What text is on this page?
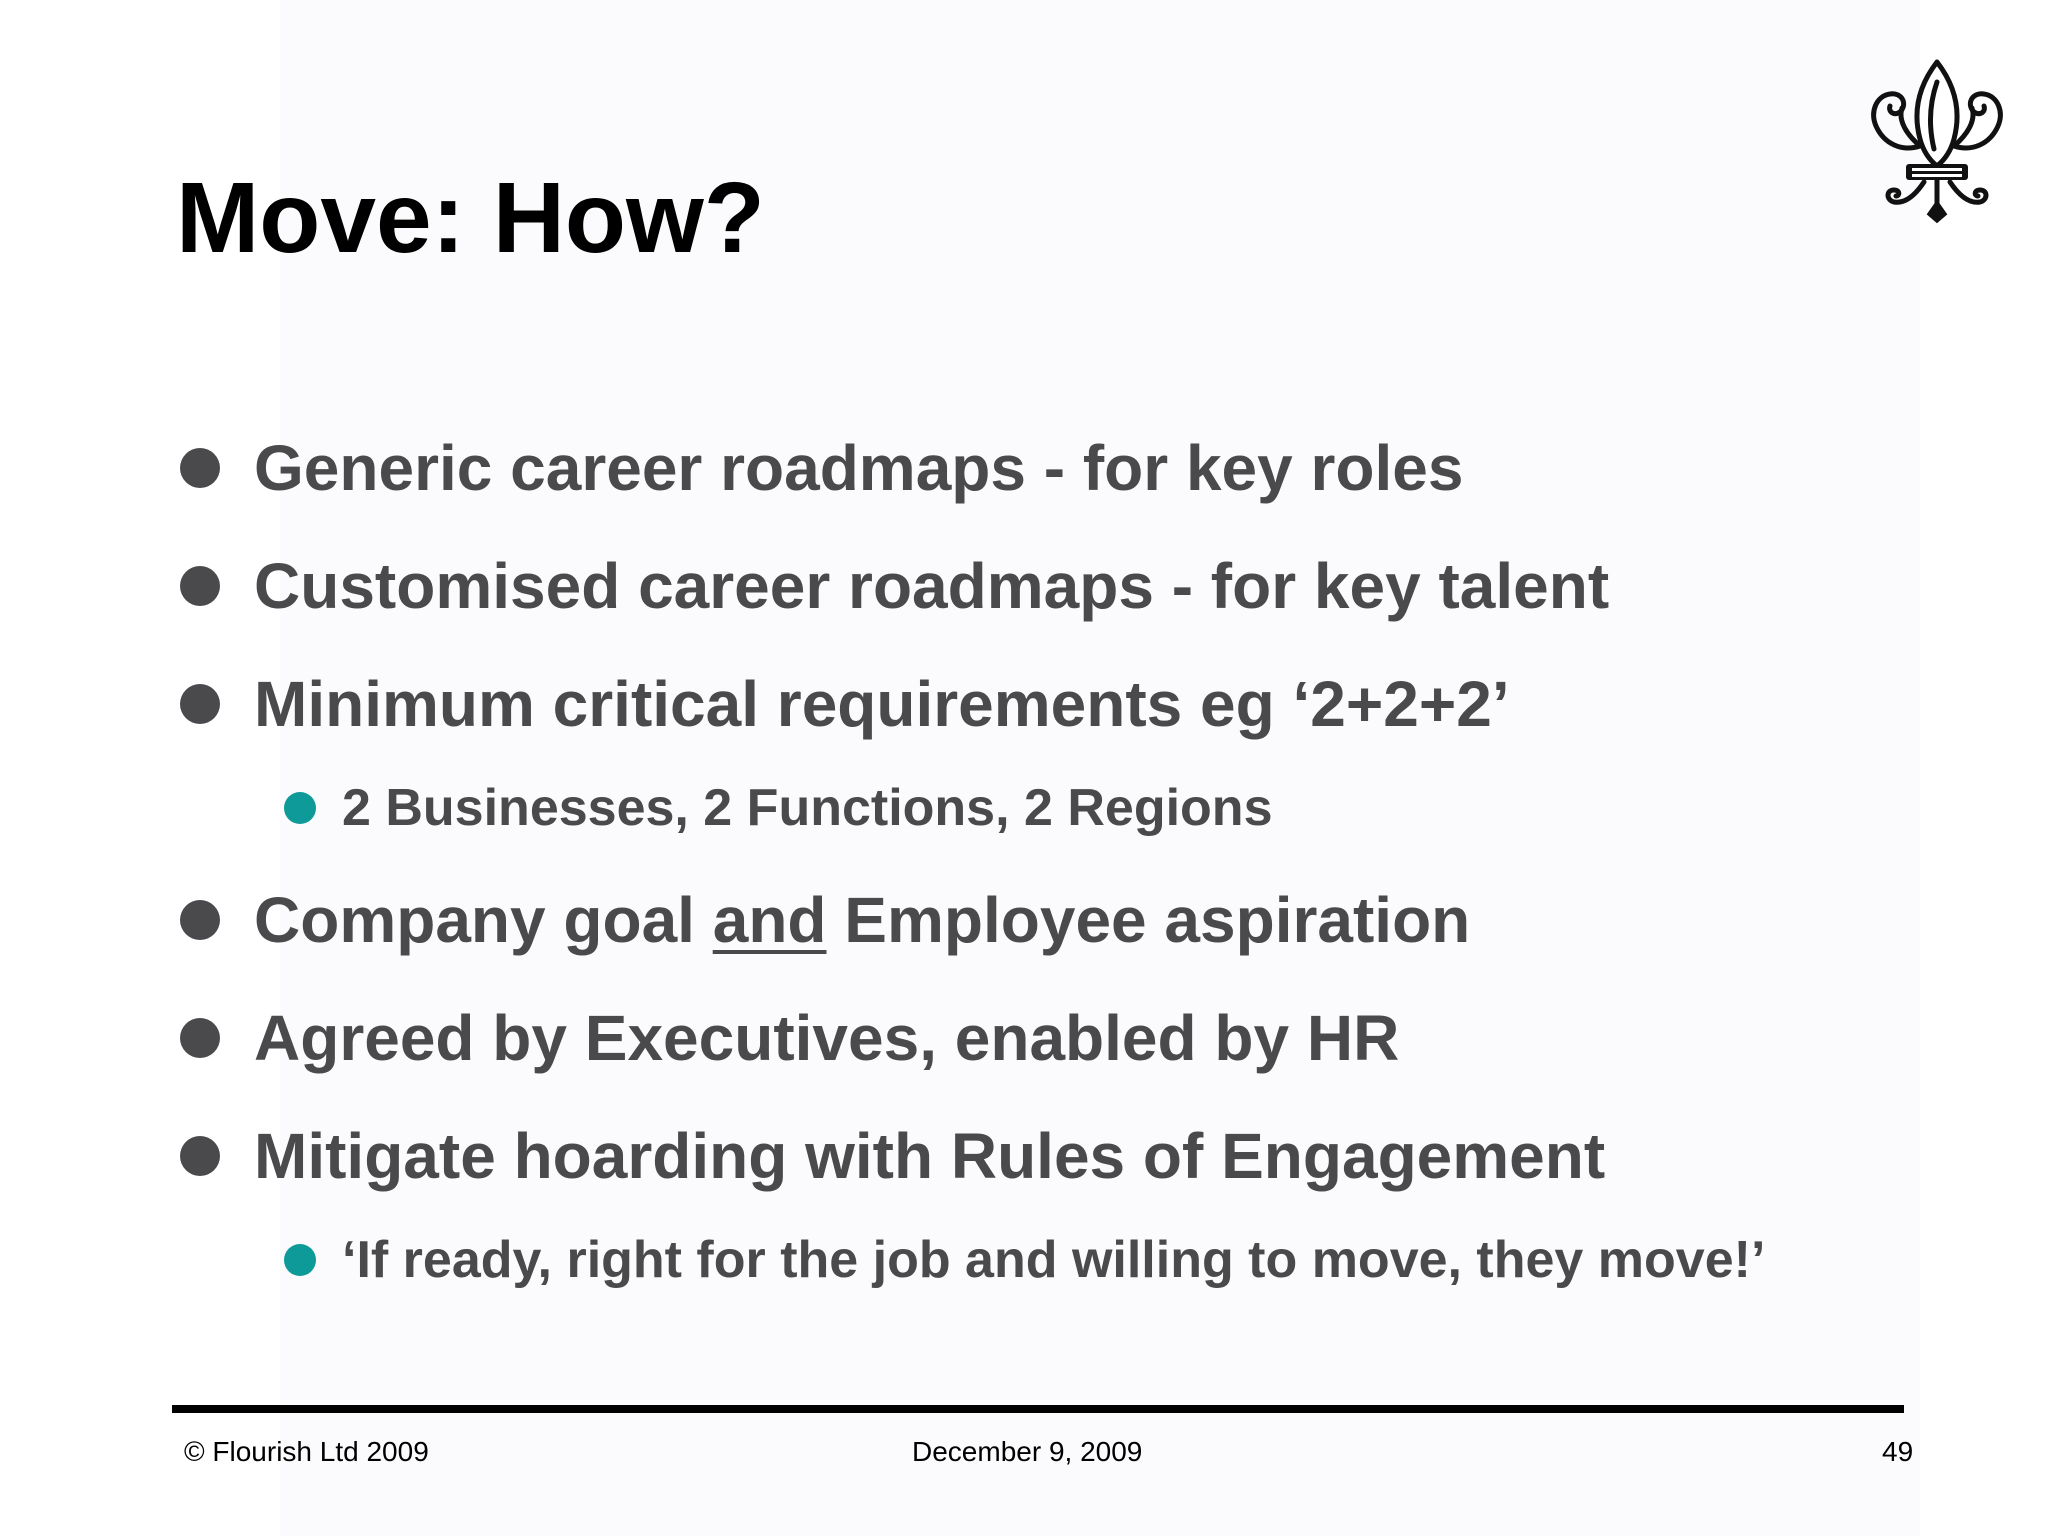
Move: How?
Generic career roadmaps - for key roles
Customised career roadmaps - for key talent
Minimum critical requirements eg ‘2+2+2’
2 Businesses, 2 Functions, 2 Regions
Company goal and Employee aspiration
Agreed by Executives, enabled by HR
Mitigate hoarding with Rules of Engagement
‘If ready, right for the job and willing to move, they move!’
© Flourish Ltd 2009	December 9, 2009	49
